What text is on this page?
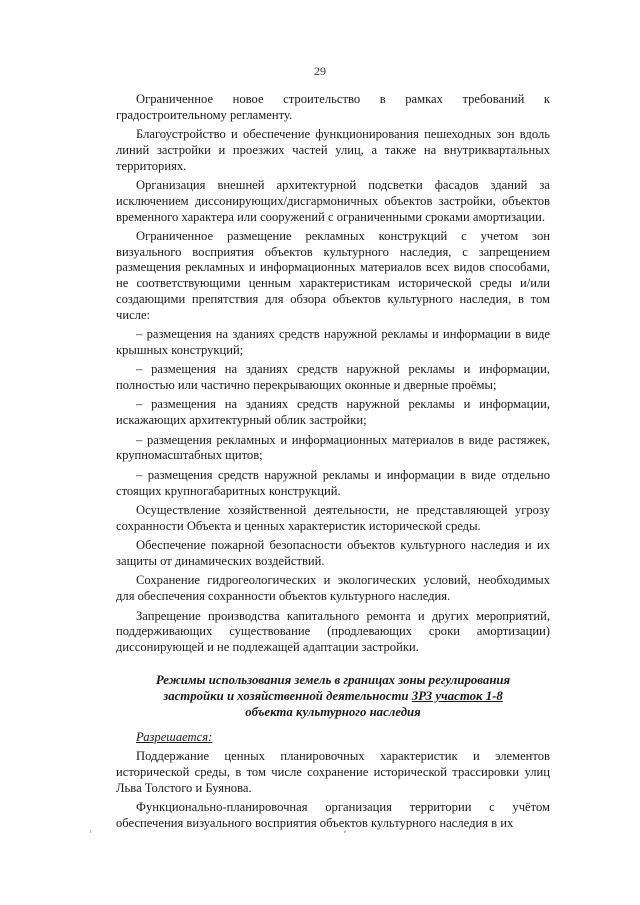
29

Ограниченное новое строительство в рамках требований к градостроительному регламенту.

Благоустройство и обеспечение функционирования пешеходных зон вдоль линий застройки и проезжих частей улиц, а также на внутриквартальных территориях.

Организация внешней архитектурной подсветки фасадов зданий за исключением диссонирующих/дисгармоничных объектов застройки, объектов временного характера или сооружений с ограниченными сроками амортизации.

Ограниченное размещение рекламных конструкций с учетом зон визуального восприятия объектов культурного наследия, с запрещением размещения рекламных и информационных материалов всех видов способами, не соответствующими ценным характеристикам исторической среды и/или создающими препятствия для обзора объектов культурного наследия, в том числе:

– размещения на зданиях средств наружной рекламы и информации в виде крышных конструкций;

– размещения на зданиях средств наружной рекламы и информации, полностью или частично перекрывающих оконные и дверные проёмы;

– размещения на зданиях средств наружной рекламы и информации, искажающих архитектурный облик застройки;

– размещения рекламных и информационных материалов в виде растяжек, крупномасштабных щитов;

– размещения средств наружной рекламы и информации в виде отдельно стоящих крупногабаритных конструкций.

Осуществление хозяйственной деятельности, не представляющей угрозу сохранности Объекта и ценных характеристик исторической среды.

Обеспечение пожарной безопасности объектов культурного наследия и их защиты от динамических воздействий.

Сохранение гидрогеологических и экологических условий, необходимых для обеспечения сохранности объектов культурного наследия.

Запрещение производства капитального ремонта и других мероприятий, поддерживающих существование (продлевающих сроки амортизации) диссонирующей и не подлежащей адаптации застройки.

Режимы использования земель в границах зоны регулирования
застройки и хозяйственной деятельности ЗРЗ участок 1-8
объекта культурного наследия

Разрешается:

Поддержание ценных планировочных характеристик и элементов исторической среды, в том числе сохранение исторической трассировки улиц Льва Толстого и Буянова.

Функционально-планировочная организация территории с учётом обеспечения визуального восприятия объектов культурного наследия в их

ᵗ	ᵉ
